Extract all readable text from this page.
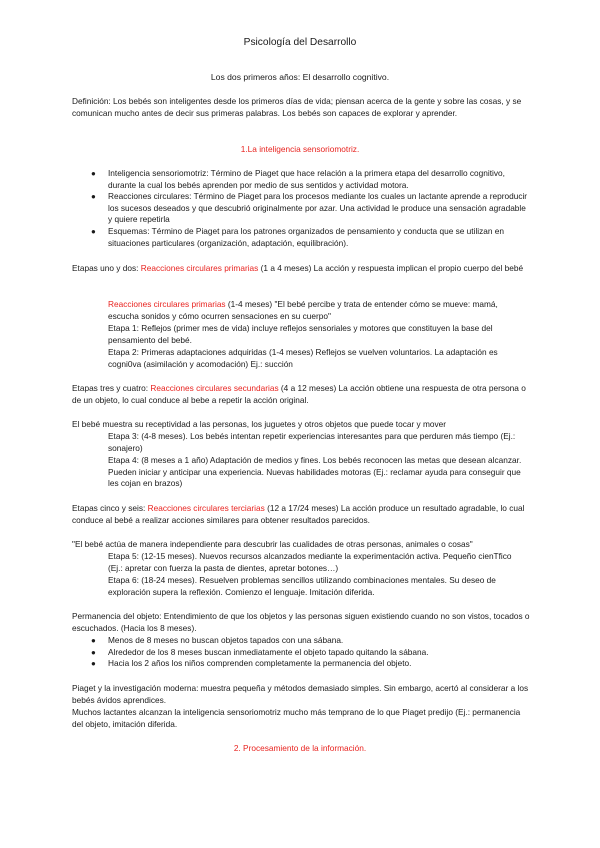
Psicología del Desarrollo

Los dos primeros años: El desarrollo cognitivo.

Definición: Los bebés son inteligentes desde los primeros días de vida; piensan acerca de la gente y sobre las cosas, y se comunican mucho antes de decir sus primeras palabras. Los bebés son capaces de explorar y aprender.

1.La inteligencia sensoriomotriz.

● Inteligencia sensoriomotriz: Término de Piaget que hace relación a la primera etapa del desarrollo cognitivo, durante la cual los bebés aprenden por medio de sus sentidos y actividad motora.
● Reacciones circulares: Término de Piaget para los procesos mediante los cuales un lactante aprende a reproducir los sucesos deseados y que descubrió originalmente por azar. Una actividad le produce una sensación agradable y quiere repetirla
● Esquemas: Término de Piaget para los patrones organizados de pensamiento y conducta que se utilizan en situaciones particulares (organización, adaptación, equilibración).

Etapas uno y dos: Reacciones circulares primarias (1 a 4 meses) La acción y respuesta implican el propio cuerpo del bebé

Reacciones circulares primarias (1-4 meses) "El bebé percibe y trata de entender cómo se mueve: mamá, escucha sonidos y cómo ocurren sensaciones en su cuerpo"

Etapa 1: Reflejos (primer mes de vida) incluye reflejos sensoriales y motores que constituyen la base del pensamiento del bebé.

Etapa 2: Primeras adaptaciones adquiridas (1-4 meses) Reflejos se vuelven voluntarios. La adaptación es cogni0va (asimilación y acomodación) Ej.: succión

Etapas tres y cuatro: Reacciones circulares secundarias (4 a 12 meses) La acción obtiene una respuesta de otra persona o de un objeto, lo cual conduce al bebe a repetir la acción original.

El bebé muestra su receptividad a las personas, los juguetes y otros objetos que puede tocar y mover

Etapa 3: (4-8 meses). Los bebés intentan repetir experiencias interesantes para que perduren más tiempo (Ej.: sonajero)

Etapa 4: (8 meses a 1 año) Adaptación de medios y fines. Los bebés reconocen las metas que desean alcanzar. Pueden iniciar y anticipar una experiencia. Nuevas habilidades motoras (Ej.: reclamar ayuda para conseguir que les cojan en brazos)

Etapas cinco y seis: Reacciones circulares terciarias (12 a 17/24 meses) La acción produce un resultado agradable, lo cual conduce al bebé a realizar acciones similares para obtener resultados parecidos.

"El bebé actúa de manera independiente para descubrir las cualidades de otras personas, animales o cosas"

Etapa 5: (12-15 meses). Nuevos recursos alcanzados mediante la experimentación activa. Pequeño cienTfico (Ej.: apretar con fuerza la pasta de dientes, apretar botones…)

Etapa 6: (18-24 meses). Resuelven problemas sencillos utilizando combinaciones mentales. Su deseo de exploración supera la reflexión. Comienzo el lenguaje. Imitación diferida.

Permanencia del objeto: Entendimiento de que los objetos y las personas siguen existiendo cuando no son vistos, tocados o escuchados. (Hacia los 8 meses).

● Menos de 8 meses no buscan objetos tapados con una sábana.
● Alrededor de los 8 meses buscan inmediatamente el objeto tapado quitando la sábana.
● Hacia los 2 años los niños comprenden completamente la permanencia del objeto.

Piaget y la investigación moderna: muestra pequeña y métodos demasiado simples. Sin embargo, acertó al considerar a los bebés ávidos aprendices.

Muchos lactantes alcanzan la inteligencia sensoriomotriz mucho más temprano de lo que Piaget predijo (Ej.: permanencia del objeto, imitación diferida.

2. Procesamiento de la información.
